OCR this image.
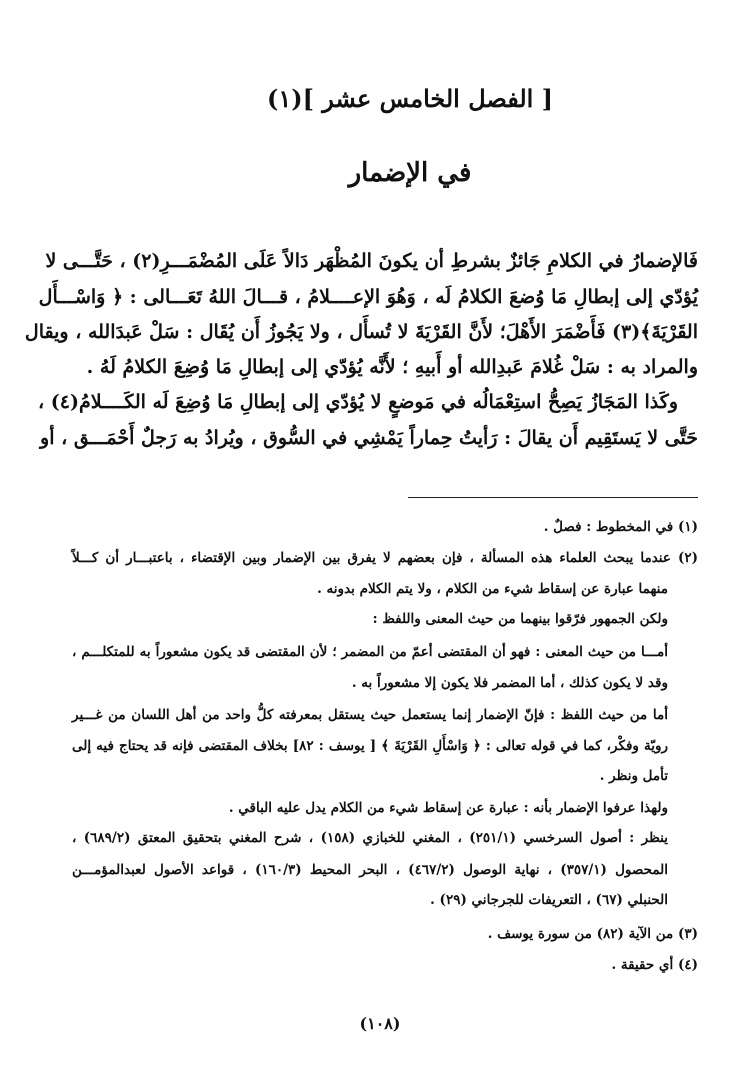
[ الفصل الخامس عشر ](١)
في الإضمار
فَالإضمارُ في الكلامِ جَائزٌ بشرطِ أن يكونَ المُظْهَر دَالاً عَلَى المُضْمَـــرِ(٢) ، حَتَّـــى لا
يُؤدّي إلى إبطالِ مَا وُضعَ الكلامُ لَه ، وَهُوَ الإعــــلامُ ، قـــالَ اللهُ تَعَـــالى : ﴿ وَاسْـــأَل
القَرْيَةَ﴾(٣) فَأَضْمَرَ الأَهْلَ؛ لأَنَّ القَرْيَةَ لا تُسأَل ، ولا يَجُوزُ أَن يُقَال : سَلْ عَبدَالله ، ويقال
والمراد به : سَلْ غُلامَ عَبدِالله أو أَبيهِ ؛ لأَنَّه يُؤدّي إلى إبطالِ مَا وُضِعَ الكلامُ لَهُ .
وكَذا المَجَازُ يَصِحُّ استِعْمَالُه في مَوضعٍ لا يُؤدّي إلى إبطالِ مَا وُضِعَ لَه الكَــــلامُ(٤) ،
حَتَّى لا يَستَقِيم أَن يقالَ : رَأيتُ حِماراً يَمْشِي في السُّوق ، ويُرادُ به رَجلٌ أَحْمَـــق ، أو
(١) في المخطوط : فصلٌ .
(٢) عندما يبحث العلماء هذه المسألة ، فإن بعضهم لا يفرق بين الإضمار وبين الإقتضاء ، باعتبـــار أن كـــلاً
منهما عبارة عن إسقاط شيء من الكلام ، ولا يتم الكلام بدونه .
ولكن الجمهور فرّقوا بينهما من حيث المعنى واللفظ :
أمـــا من حيث المعنى : فهو أن المقتضى أعمّ من المضمر ؛ لأن المقتضى قد يكون مشعوراً به للمتكلـــم ،
وقد لا يكون كذلك ، أما المضمر فلا يكون إلا مشعوراً به .
أما من حيث اللفظ : فإنّ الإضمار إنما يستعمل حيث يستقل بمعرفته كلُّ واحد من أهل اللسان من غـــير
رويّة وفكْر، كما في قوله تعالى : ﴿ وَاسْأَلِ القَرْيَةَ ﴾ [ يوسف : ٨٢] بخلاف المقتضى فإنه قد يحتاج فيه إلى
تأمل ونظر .
ولهذا عرفوا الإضمار بأنه : عبارة عن إسقاط شيء من الكلام يدل عليه الباقي .
ينظر : أصول السرخسي (٢٥١/١) ، المغني للخبازي (١٥٨) ، شرح المغني بتحقيق المعتق (٦٨٩/٢) ،
المحصول (٣٥٧/١) ، نهاية الوصول (٤٦٧/٢) ، البحر المحيط (١٦٠/٣) ، قواعد الأصول لعبدالمؤمـــن
الحنبلي (٦٧) ، التعريفات للجرجاني (٢٩) .
(٣) من الآية (٨٢) من سورة يوسف .
(٤) أي حقيقة .
(١٠٨)
